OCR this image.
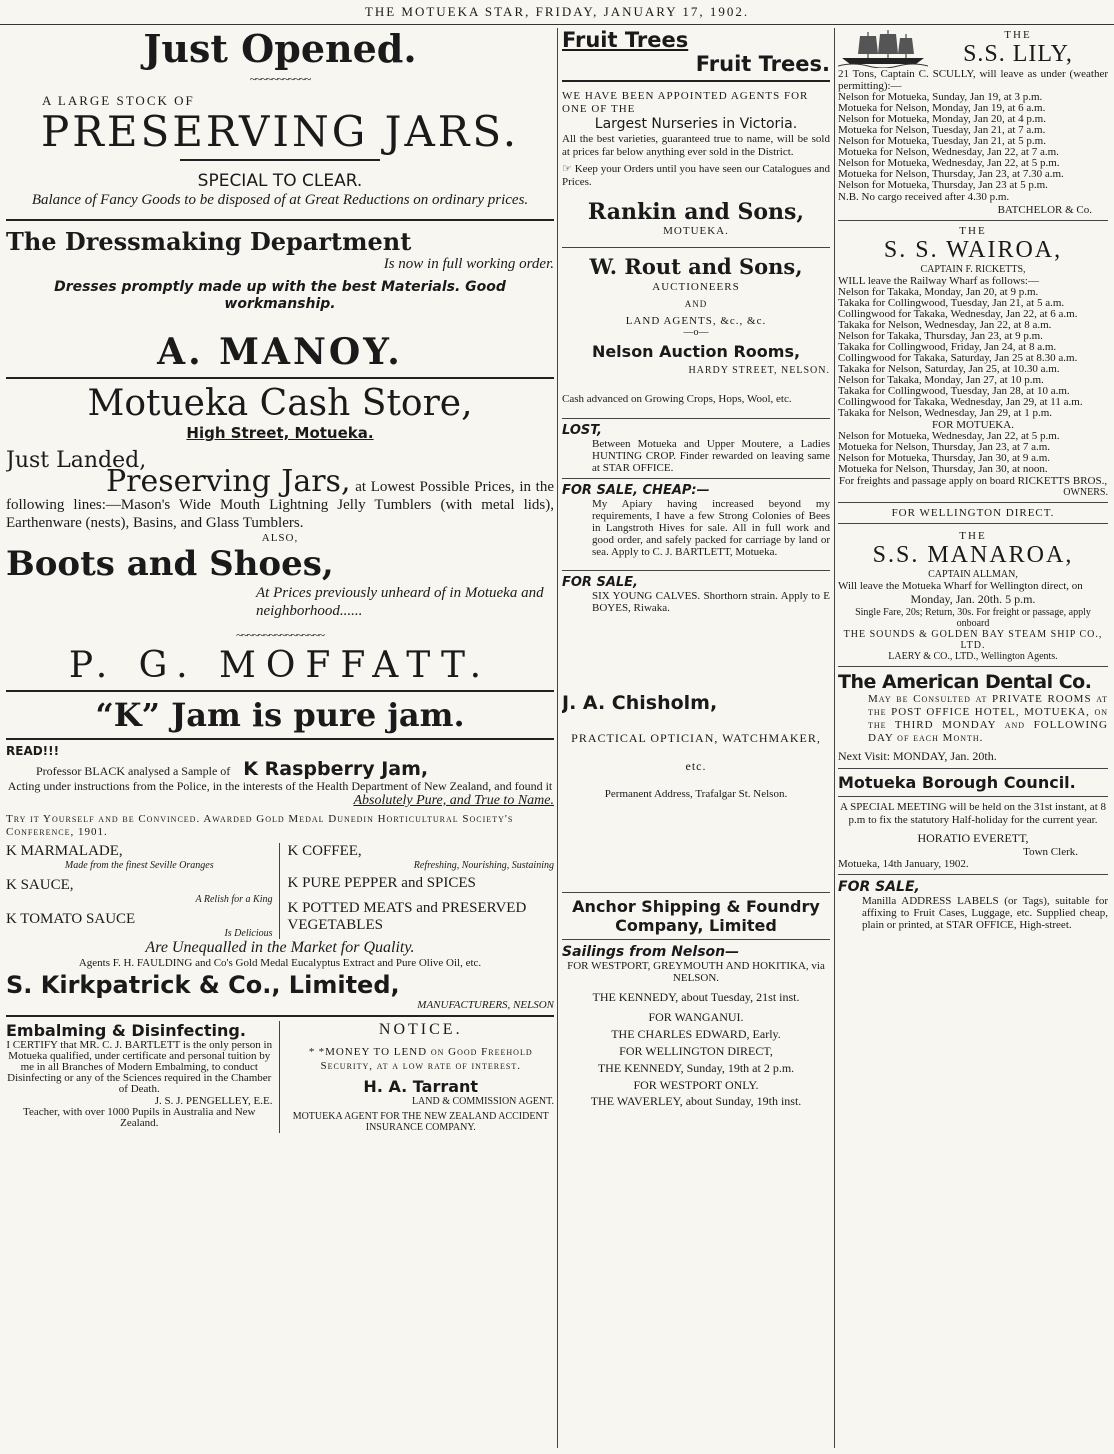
THE MOTUEKA STAR, FRIDAY, JANUARY 17, 1902.
Just Opened.
~~~~~~~~~~~
A LARGE STOCK OF
PRESERVING JARS.
SPECIAL TO CLEAR.
Balance of Fancy Goods to be disposed of at Great Reductions on ordinary prices.
The Dressmaking Department
Is now in full working order.
Dresses promptly made up with the best Materials. Good workmanship.
A. MANOY.
Motueka Cash Store,
High Street, Motueka.
Just Landed,
Preserving Jars, at Lowest Possible Prices, in the following lines:—Mason's Wide Mouth Lightning Jelly Tumblers (with metal lids), Earthenware (nests), Basins, and Glass Tumblers.
ALSO,
Boots and Shoes,
At Prices previously unheard of in Motueka and neighborhood......
~~~~~~~~~~~~~~~~
P. G. MOFFATT.
“K” Jam is pure jam.
READ!!!
Professor BLACK analysed a Sample of K Raspberry Jam,
Acting under instructions from the Police, in the interests of the Health Department of New Zealand, and found it
Absolutely Pure, and True to Name.
Try it Yourself and be Convinced. Awarded Gold Medal Dunedin Horticultural Society's Conference, 1901.
K MARMALADE,
Made from the finest Seville Oranges
K SAUCE,
A Relish for a King
K TOMATO SAUCE
Is Delicious
K COFFEE,
Refreshing, Nourishing, Sustaining
K PURE PEPPER and SPICES
K POTTED MEATS and PRESERVED VEGETABLES
Are Unequalled in the Market for Quality.
Agents F. H. FAULDING and Co's Gold Medal Eucalyptus Extract and Pure Olive Oil, etc.
S. Kirkpatrick & Co., Limited,
MANUFACTURERS, NELSON
Embalming & Disinfecting.
I CERTIFY that MR. C. J. BARTLETT is the only person in Motueka qualified, under certificate and personal tuition by me in all Branches of Modern Embalming, to conduct Disinfecting or any of the Sciences required in the Chamber of Death.
J. S. J. PENGELLEY, E.E.
Teacher, with over 1000 Pupils in Australia and New Zealand.
NOTICE.
* *MONEY TO LEND on Good Freehold Security, at a low rate of interest.
H. A. Tarrant
LAND & COMMISSION AGENT.
MOTUEKA AGENT FOR THE NEW ZEALAND ACCIDENT INSURANCE COMPANY.
Fruit Trees
Fruit Trees.
WE HAVE BEEN APPOINTED AGENTS FOR ONE OF THE
Largest Nurseries in Victoria.
All the best varieties, guaranteed true to name, will be sold at prices far below anything ever sold in the District.
☞ Keep your Orders until you have seen our Catalogues and Prices.
Rankin and Sons,
MOTUEKA.
W. Rout and Sons,
AUCTIONEERS
AND
LAND AGENTS, &c., &c.
—o—
Nelson Auction Rooms,
HARDY STREET, NELSON.
Cash advanced on Growing Crops, Hops, Wool, etc.
LOST,
Between Motueka and Upper Moutere, a Ladies HUNTING CROP. Finder rewarded on leaving same at STAR OFFICE.
FOR SALE, CHEAP:—
My Apiary having increased beyond my requirements, I have a few Strong Colonies of Bees in Langstroth Hives for sale. All in full work and good order, and safely packed for carriage by land or sea. Apply to C. J. BARTLETT, Motueka.
FOR SALE,
SIX YOUNG CALVES. Shorthorn strain. Apply to E BOYES, Riwaka.
J. A. Chisholm,
PRACTICAL OPTICIAN, WATCHMAKER, etc.
Permanent Address, Trafalgar St. Nelson.
Anchor Shipping & Foundry Company, Limited
Sailings from Nelson—
FOR WESTPORT, GREYMOUTH AND HOKITIKA, via NELSON.
THE KENNEDY, about Tuesday, 21st inst.
FOR WANGANUI.
THE CHARLES EDWARD, Early.
FOR WELLINGTON DIRECT,
THE KENNEDY, Sunday, 19th at 2 p.m.
FOR WESTPORT ONLY.
THE WAVERLEY, about Sunday, 19th inst.
THE
S.S. LILY,
21 Tons, Captain C. SCULLY, will leave as under (weather permitting):—
Nelson for Motueka, Sunday, Jan 19, at 3 p.m.
Motueka for Nelson, Monday, Jan 19, at 6 a.m.
Nelson for Motueka, Monday, Jan 20, at 4 p.m.
Motueka for Nelson, Tuesday, Jan 21, at 7 a.m.
Nelson for Motueka, Tuesday, Jan 21, at 5 p.m.
Motueka for Nelson, Wednesday, Jan 22, at 7 a.m.
Nelson for Motueka, Wednesday, Jan 22, at 5 p.m.
Motueka for Nelson, Thursday, Jan 23, at 7.30 a.m.
Nelson for Motueka, Thursday, Jan 23 at 5 p.m.
N.B. No cargo received after 4.30 p.m.
BATCHELOR & Co.
THE
S. S. WAIROA,
CAPTAIN F. RICKETTS,
WILL leave the Railway Wharf as follows:—
Nelson for Takaka, Monday, Jan 20, at 9 p.m.
Takaka for Collingwood, Tuesday, Jan 21, at 5 a.m.
Collingwood for Takaka, Wednesday, Jan 22, at 6 a.m.
Takaka for Nelson, Wednesday, Jan 22, at 8 a.m.
Nelson for Takaka, Thursday, Jan 23, at 9 p.m.
Takaka for Collingwood, Friday, Jan 24, at 8 a.m.
Collingwood for Takaka, Saturday, Jan 25 at 8.30 a.m.
Takaka for Nelson, Saturday, Jan 25, at 10.30 a.m.
Nelson for Takaka, Monday, Jan 27, at 10 p.m.
Takaka for Collingwood, Tuesday, Jan 28, at 10 a.m.
Collingwood for Takaka, Wednesday, Jan 29, at 11 a.m.
Takaka for Nelson, Wednesday, Jan 29, at 1 p.m.
FOR MOTUEKA.
Nelson for Motueka, Wednesday, Jan 22, at 5 p.m.
Motueka for Nelson, Thursday, Jan 23, at 7 a.m.
Nelson for Motueka, Thursday, Jan 30, at 9 a.m.
Motueka for Nelson, Thursday, Jan 30, at noon.
For freights and passage apply on board RICKETTS BROS.,
OWNERS.
FOR WELLINGTON DIRECT.
THE
S.S. MANAROA,
CAPTAIN ALLMAN,
Will leave the Motueka Wharf for Wellington direct, on
Monday, Jan. 20th. 5 p.m.
Single Fare, 20s; Return, 30s. For freight or passage, apply onboard
THE SOUNDS & GOLDEN BAY STEAM SHIP CO., LTD.
LAERY & CO., LTD., Wellington Agents.
The American Dental Co.
May be Consulted at PRIVATE ROOMS at the POST OFFICE HOTEL, MOTUEKA, on the THIRD MONDAY and FOLLOWING DAY of each Month.
Next Visit: MONDAY, Jan. 20th.
Motueka Borough Council.
A SPECIAL MEETING will be held on the 31st instant, at 8 p.m to fix the statutory Half-holiday for the current year.
HORATIO EVERETT,
Town Clerk.
Motueka, 14th January, 1902.
FOR SALE,
Manilla ADDRESS LABELS (or Tags), suitable for affixing to Fruit Cases, Luggage, etc. Supplied cheap, plain or printed, at STAR OFFICE, High-street.
